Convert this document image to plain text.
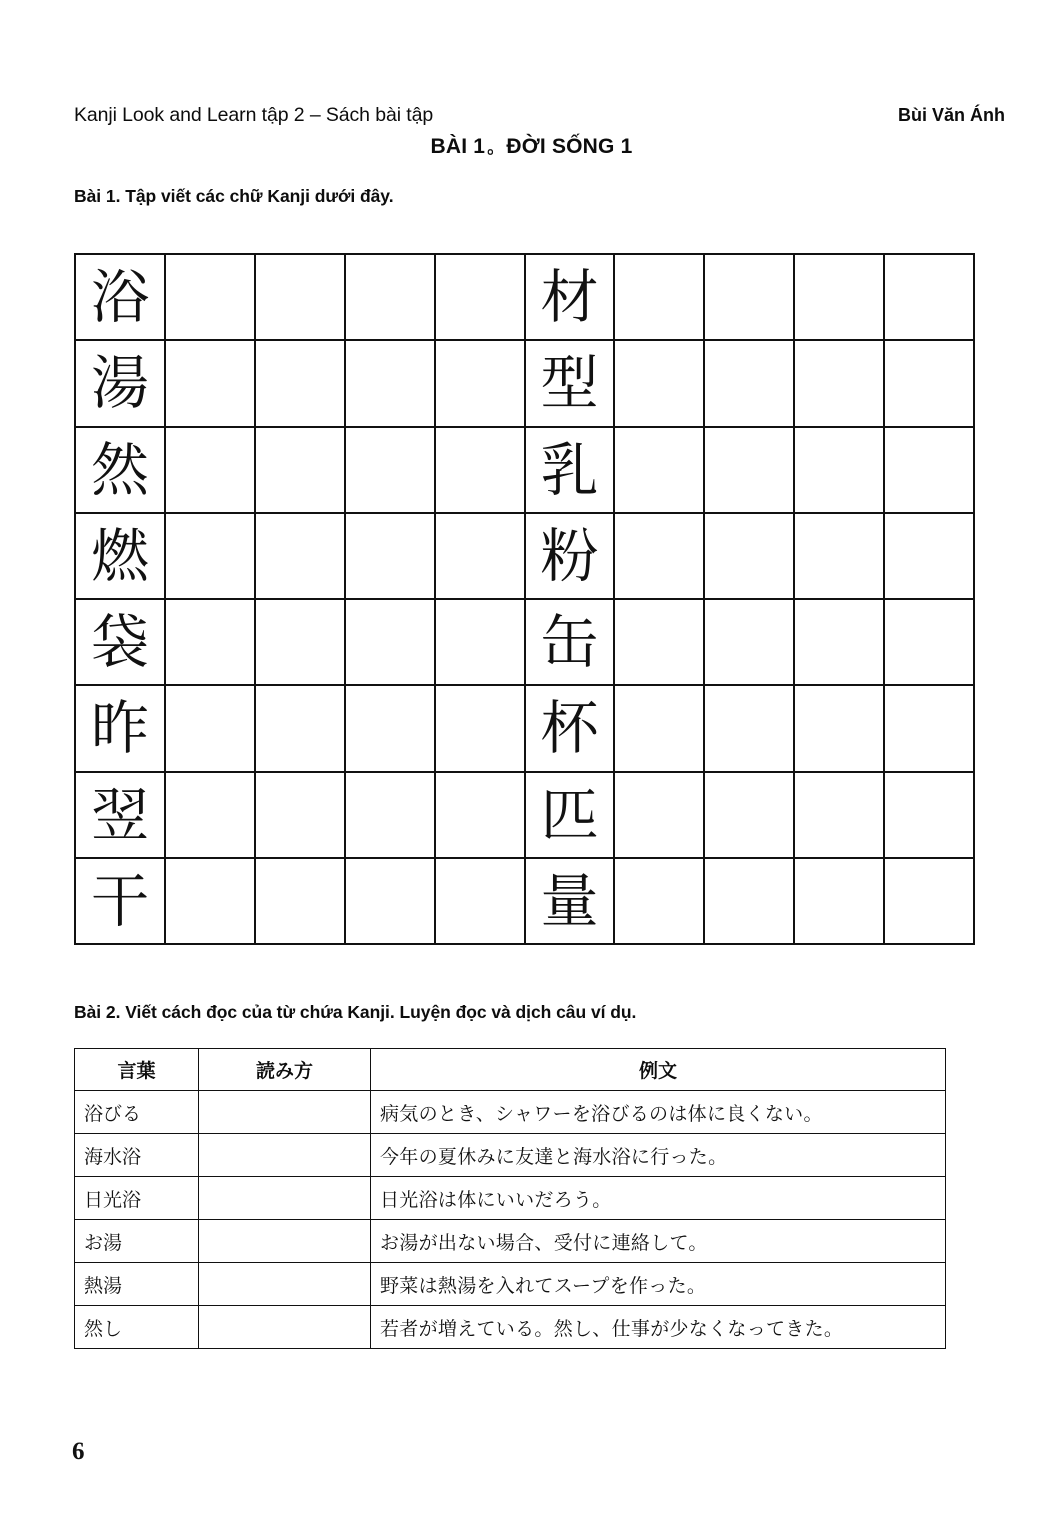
Kanji Look and Learn tập 2 – Sách bài tập	Bùi Văn Ánh
BÀI 1 。ĐỜI SỐNG 1
Bài 1. Tập viết các chữ Kanji dưới đây.
浴	材
湯	型
然	乳
燃	粉
袋	缶
昨	杯
翌	匹
干	量
Bài 2. Viết cách đọc của từ chứa Kanji. Luyện đọc và dịch câu ví dụ.
言葉	読み方	例文
浴びる		病気のとき、シャワーを浴びるのは体に良くない。
海水浴		今年の夏休みに友達と海水浴に行った。
日光浴		日光浴は体にいいだろう。
お湯		お湯が出ない場合、受付に連絡して。
熱湯		野菜は熱湯を入れてスープを作った。
然し		若者が増えている。然し、仕事が少なくなってきた。
6
